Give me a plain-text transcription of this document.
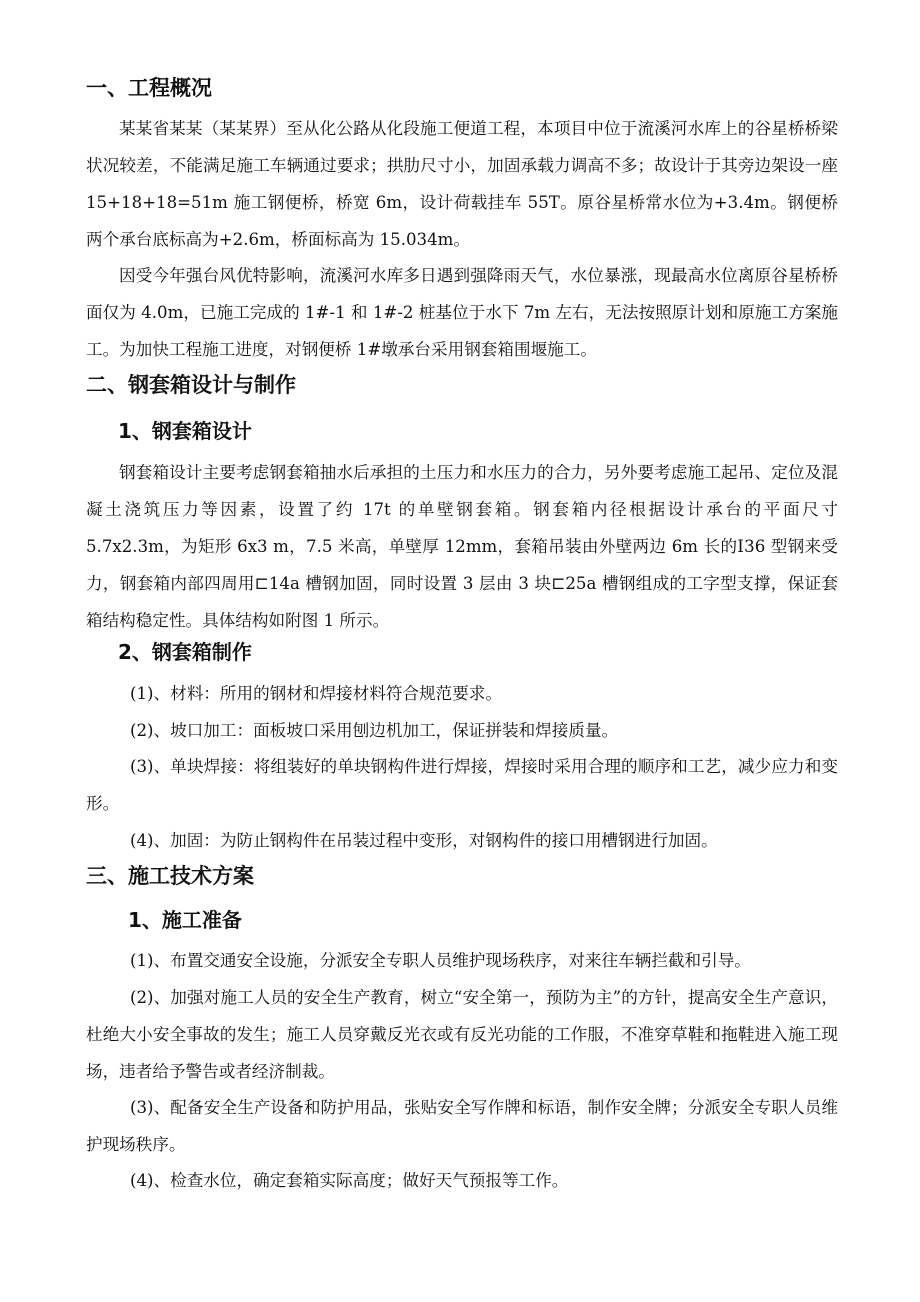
一、工程概况

某某省某某（某某界）至从化公路从化段施工便道工程，本项目中位于流溪河水库上的谷星桥桥梁状况较差，不能满足施工车辆通过要求；拱肋尺寸小，加固承载力调高不多；故设计于其旁边架设一座 15+18+18=51m 施工钢便桥，桥宽 6m，设计荷载挂车 55T。原谷星桥常水位为+3.4m。钢便桥两个承台底标高为+2.6m，桥面标高为 15.034m。

因受今年强台风优特影响，流溪河水库多日遇到强降雨天气，水位暴涨，现最高水位离原谷星桥桥面仅为 4.0m，已施工完成的 1#-1 和 1#-2 桩基位于水下 7m 左右，无法按照原计划和原施工方案施工。为加快工程施工进度，对钢便桥 1#墩承台采用钢套箱围堰施工。

二、钢套箱设计与制作
1、钢套箱设计

钢套箱设计主要考虑钢套箱抽水后承担的土压力和水压力的合力，另外要考虑施工起吊、定位及混凝土浇筑压力等因素，设置了约 17t 的单壁钢套箱。钢套箱内径根据设计承台的平面尺寸 5.7x2.3m，为矩形 6x3 m，7.5 米高，单壁厚 12mm，套箱吊装由外壁两边 6m 长的Ⅰ36 型钢来受力，钢套箱内部四周用⊏14a 槽钢加固，同时设置 3 层由 3 块⊏25a 槽钢组成的工字型支撑，保证套箱结构稳定性。具体结构如附图 1 所示。

2、钢套箱制作

(1)、材料：所用的钢材和焊接材料符合规范要求。

(2)、坡口加工：面板坡口采用刨边机加工，保证拼装和焊接质量。

(3)、单块焊接：将组装好的单块钢构件进行焊接，焊接时采用合理的顺序和工艺，减少应力和变形。

(4)、加固：为防止钢构件在吊装过程中变形，对钢构件的接口用槽钢进行加固。

三、施工技术方案
1、施工准备

(1)、布置交通安全设施，分派安全专职人员维护现场秩序，对来往车辆拦截和引导。

(2)、加强对施工人员的安全生产教育，树立“安全第一，预防为主”的方针，提高安全生产意识，杜绝大小安全事故的发生；施工人员穿戴反光衣或有反光功能的工作服，不准穿草鞋和拖鞋进入施工现场，违者给予警告或者经济制裁。

(3)、配备安全生产设备和防护用品，张贴安全写作牌和标语，制作安全牌；分派安全专职人员维护现场秩序。

(4)、检查水位，确定套箱实际高度；做好天气预报等工作。
